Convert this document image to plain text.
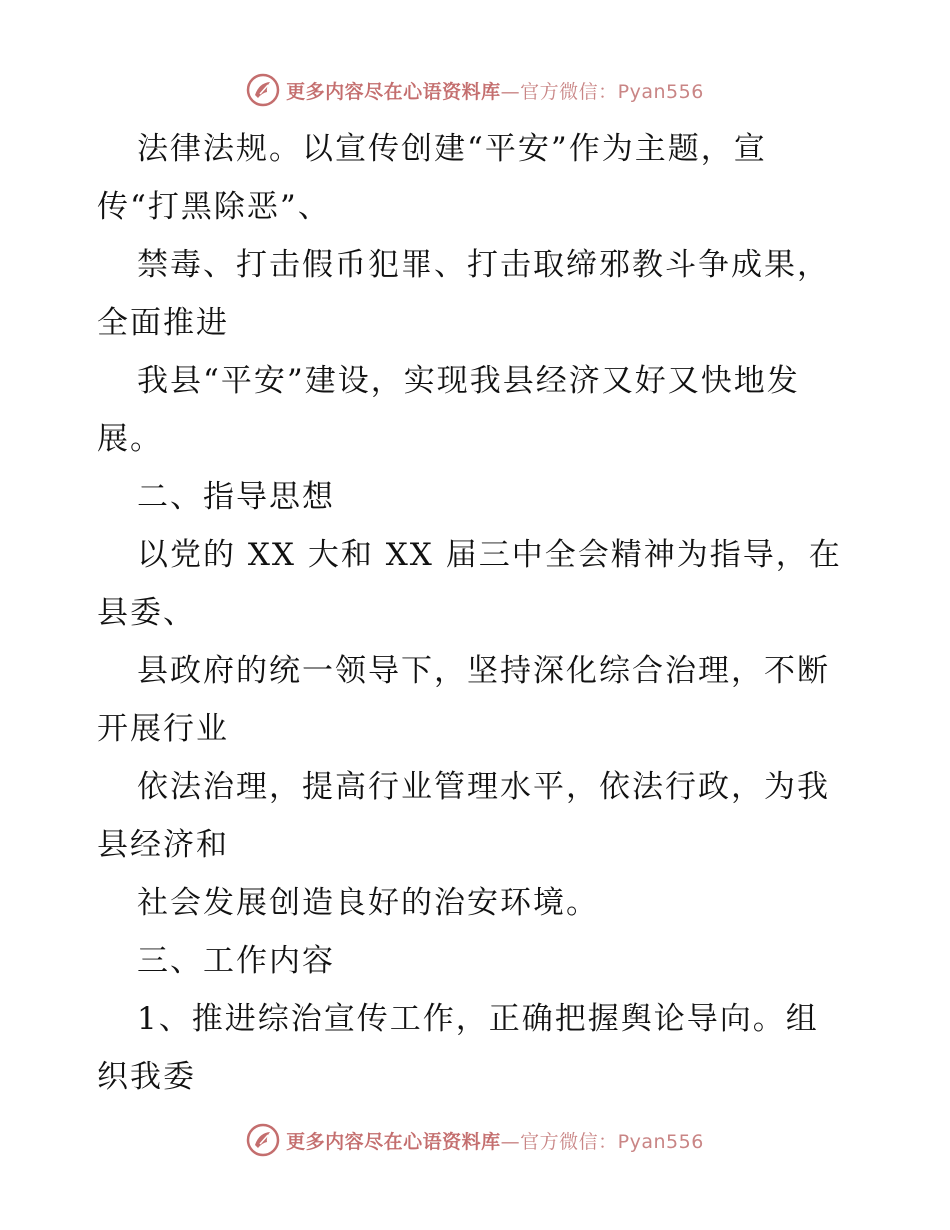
更多内容尽在心语资料库—官方微信：Pyan556
法律法规。以宣传创建“平安”作为主题，宣
传“打黑除恶”、
禁毒、打击假币犯罪、打击取缔邪教斗争成果，
全面推进
我县“平安”建设，实现我县经济又好又快地发
展。
二、指导思想
以党的 XX 大和 XX 届三中全会精神为指导，在
县委、
县政府的统一领导下，坚持深化综合治理，不断
开展行业
依法治理，提高行业管理水平，依法行政，为我
县经济和
社会发展创造良好的治安环境。
三、工作内容
1、推进综治宣传工作，正确把握舆论导向。组
织我委
更多内容尽在心语资料库—官方微信：Pyan556
